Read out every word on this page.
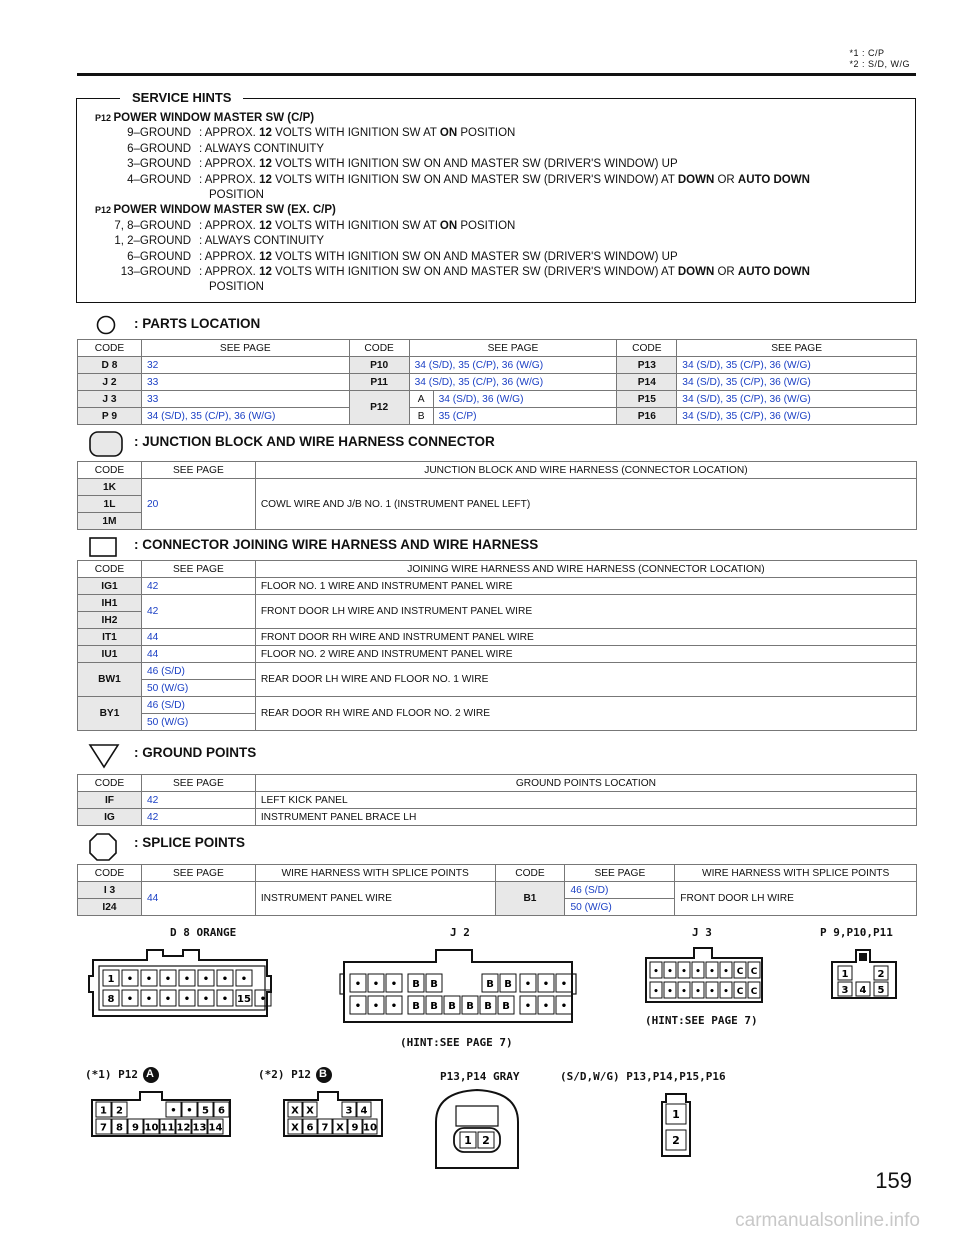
*1 : C/P
*2 : S/D, W/G
P12 POWER WINDOW MASTER SW (C/P)
9–GROUND : APPROX. 12 VOLTS WITH IGNITION SW AT ON POSITION
6–GROUND : ALWAYS CONTINUITY
3–GROUND : APPROX. 12 VOLTS WITH IGNITION SW ON AND MASTER SW (DRIVER'S WINDOW) UP
4–GROUND : APPROX. 12 VOLTS WITH IGNITION SW ON AND MASTER SW (DRIVER'S WINDOW) AT DOWN OR AUTO DOWN
POSITION
P12 POWER WINDOW MASTER SW (EX. C/P)
7, 8–GROUND : APPROX. 12 VOLTS WITH IGNITION SW AT ON POSITION
1, 2–GROUND : ALWAYS CONTINUITY
6–GROUND : APPROX. 12 VOLTS WITH IGNITION SW ON AND MASTER SW (DRIVER'S WINDOW) UP
13–GROUND : APPROX. 12 VOLTS WITH IGNITION SW ON AND MASTER SW (DRIVER'S WINDOW) AT DOWN OR AUTO DOWN
POSITION
SERVICE HINTS
: PARTS LOCATION
CODE	SEE PAGE	CODE	SEE PAGE		CODE	SEE PAGE
D 8	32	P10	34 (S/D), 35 (C/P), 36 (W/G)		P13	34 (S/D), 35 (C/P), 36 (W/G)
J 2	33	P11	34 (S/D), 35 (C/P), 36 (W/G)		P14	34 (S/D), 35 (C/P), 36 (W/G)
J 3	33	P12	A	34 (S/D), 36 (W/G)	P15	34 (S/D), 35 (C/P), 36 (W/G)
P 9	34 (S/D), 35 (C/P), 36 (W/G)		B	35 (C/P)	P16	34 (S/D), 35 (C/P), 36 (W/G)
: JUNCTION BLOCK AND WIRE HARNESS CONNECTOR
CODE	SEE PAGE	JUNCTION BLOCK AND WIRE HARNESS (CONNECTOR LOCATION)
1K	20	COWL WIRE AND J/B NO. 1 (INSTRUMENT PANEL LEFT)
1L		
1M		
: CONNECTOR JOINING WIRE HARNESS AND WIRE HARNESS
CODE	SEE PAGE	JOINING WIRE HARNESS AND WIRE HARNESS (CONNECTOR LOCATION)
IG1	42	FLOOR NO. 1 WIRE AND INSTRUMENT PANEL WIRE
IH1	42	FRONT DOOR LH WIRE AND INSTRUMENT PANEL WIRE
IH2		
IT1	44	FRONT DOOR RH WIRE AND INSTRUMENT PANEL WIRE
IU1	44	FLOOR NO. 2 WIRE AND INSTRUMENT PANEL WIRE
BW1	46 (S/D)	REAR DOOR LH WIRE AND FLOOR NO. 1 WIRE
	50 (W/G)	
BY1	46 (S/D)	REAR DOOR RH WIRE AND FLOOR NO. 2 WIRE
	50 (W/G)	
: GROUND POINTS
CODE	SEE PAGE	GROUND POINTS LOCATION
IF	42	LEFT KICK PANEL
IG	42	INSTRUMENT PANEL BRACE LH
: SPLICE POINTS
CODE	SEE PAGE	WIRE HARNESS WITH SPLICE POINTS	CODE	SEE PAGE	WIRE HARNESS WITH SPLICE POINTS
I 3	44	INSTRUMENT PANEL WIRE	B1	46 (S/D)	FRONT DOOR LH WIRE
I24				50 (W/G)	
D 8 ORANGE
1 • • • • • • •
8 • • • • • • 15 •
J 2
• • • B B	B B • • •
• • • B B B B B B • • •
(HINT:SEE PAGE 7)
J 3
• • • • • • C C
• • • • • • C C
(HINT:SEE PAGE 7)
P 9,P10,P11
1	2
3 4 5
(*1) P12 A
1 2	• • 5 6
7 8 9 10 11 12 13 14
(*2) P12 B
X X	3 4
X 6 7 X 9 10
P13,P14 GRAY
1 2
(S/D,W/G) P13,P14,P15,P16
1
2
159
carmanualsonline.info
